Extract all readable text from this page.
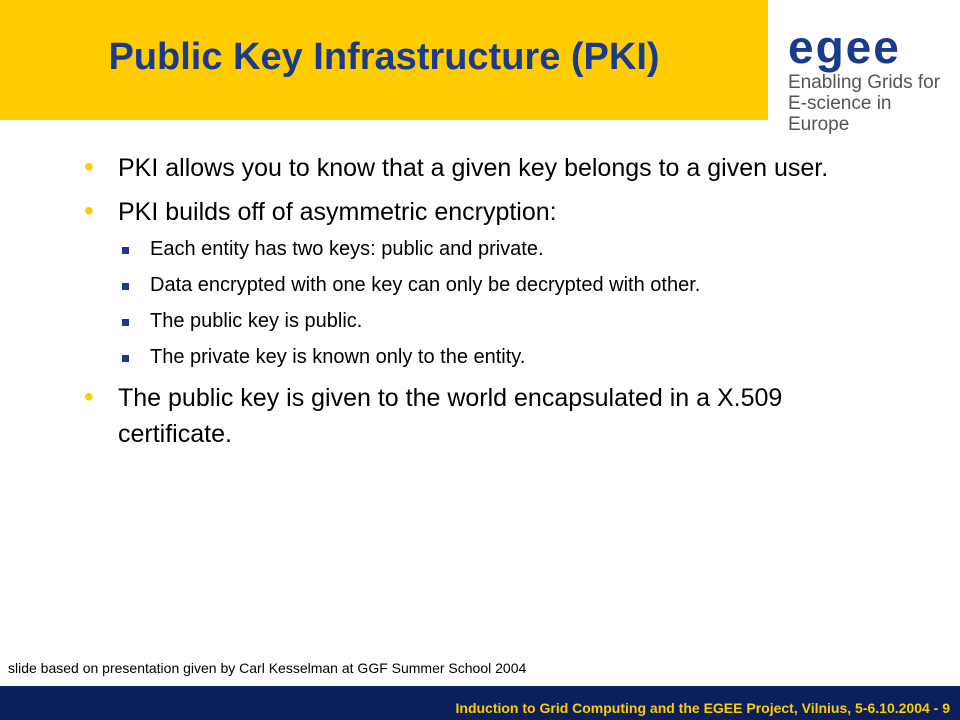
Public Key Infrastructure (PKI)	egee
Enabling Grids for
E-science in Europe
• PKI allows you to know that a given key belongs to a given user.
• PKI builds off of asymmetric encryption:
Each entity has two keys: public and private.
Data encrypted with one key can only be decrypted with other.
The public key is public.
The private key is known only to the entity.
• The public key is given to the world encapsulated in a X.509 certificate.
slide based on presentation given by Carl Kesselman at GGF Summer School 2004
Induction to Grid Computing and the EGEE Project, Vilnius, 5-6.10.2004 - 9
